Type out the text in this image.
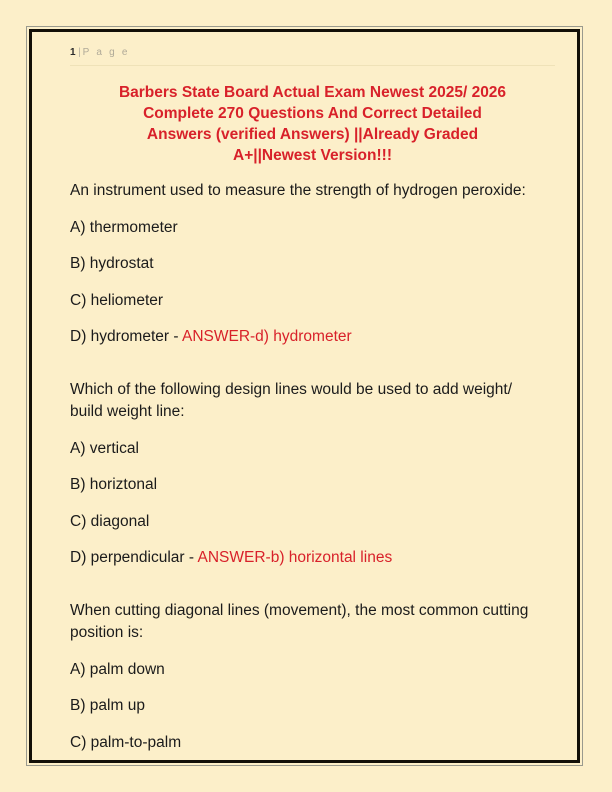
1 | P a g e
Barbers State Board Actual Exam Newest 2025/ 2026
Complete 270 Questions And Correct Detailed
Answers (verified Answers) ||Already Graded
A+||Newest Version!!!

An instrument used to measure the strength of hydrogen peroxide:

A) thermometer

B) hydrostat

C) heliometer

D) hydrometer - ANSWER-d) hydrometer

Which of the following design lines would be used to add weight/ build weight line:

A) vertical

B) horiztonal

C) diagonal

D) perpendicular - ANSWER-b) horizontal lines

When cutting diagonal lines (movement), the most common cutting position is:

A) palm down

B) palm up

C) palm-to-palm
